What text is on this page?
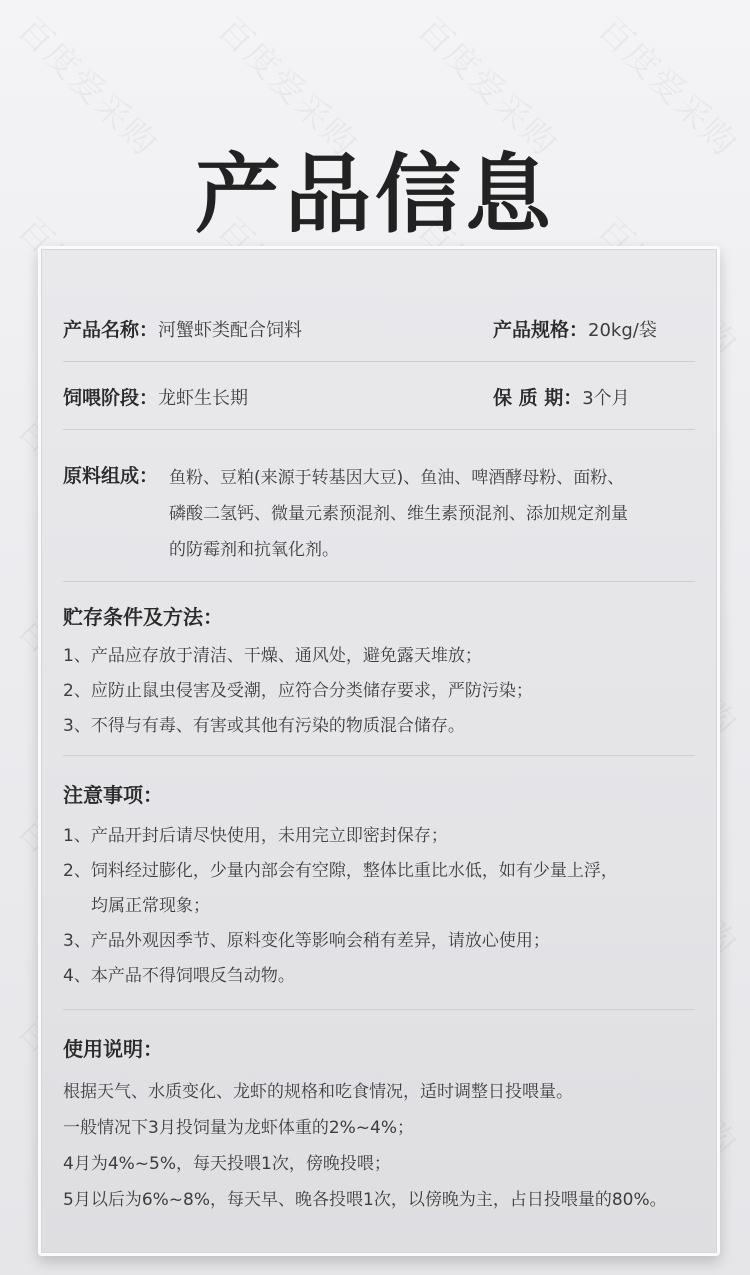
产品信息
产品名称：河蟹虾类配合饲料	产品规格：20kg/袋
饲喂阶段：龙虾生长期	保 质 期：3个月
原料组成： 鱼粉、豆粕(来源于转基因大豆)、鱼油、啤酒酵母粉、面粉、
磷酸二氢钙、微量元素预混剂、维生素预混剂、添加规定剂量
的防霉剂和抗氧化剂。
贮存条件及方法：
1、产品应存放于清洁、干燥、通风处，避免露天堆放；
2、应防止鼠虫侵害及受潮，应符合分类储存要求，严防污染；
3、不得与有毒、有害或其他有污染的物质混合储存。
注意事项：
1、产品开封后请尽快使用，未用完立即密封保存；
2、饲料经过膨化，少量内部会有空隙，整体比重比水低，如有少量上浮，
均属正常现象；
3、产品外观因季节、原料变化等影响会稍有差异，请放心使用；
4、本产品不得饲喂反刍动物。
使用说明：
根据天气、水质变化、龙虾的规格和吃食情况，适时调整日投喂量。
一般情况下3月投饲量为龙虾体重的2%~4%；
4月为4%~5%，每天投喂1次，傍晚投喂；
5月以后为6%~8%，每天早、晚各投喂1次，以傍晚为主，占日投喂量的80%。
